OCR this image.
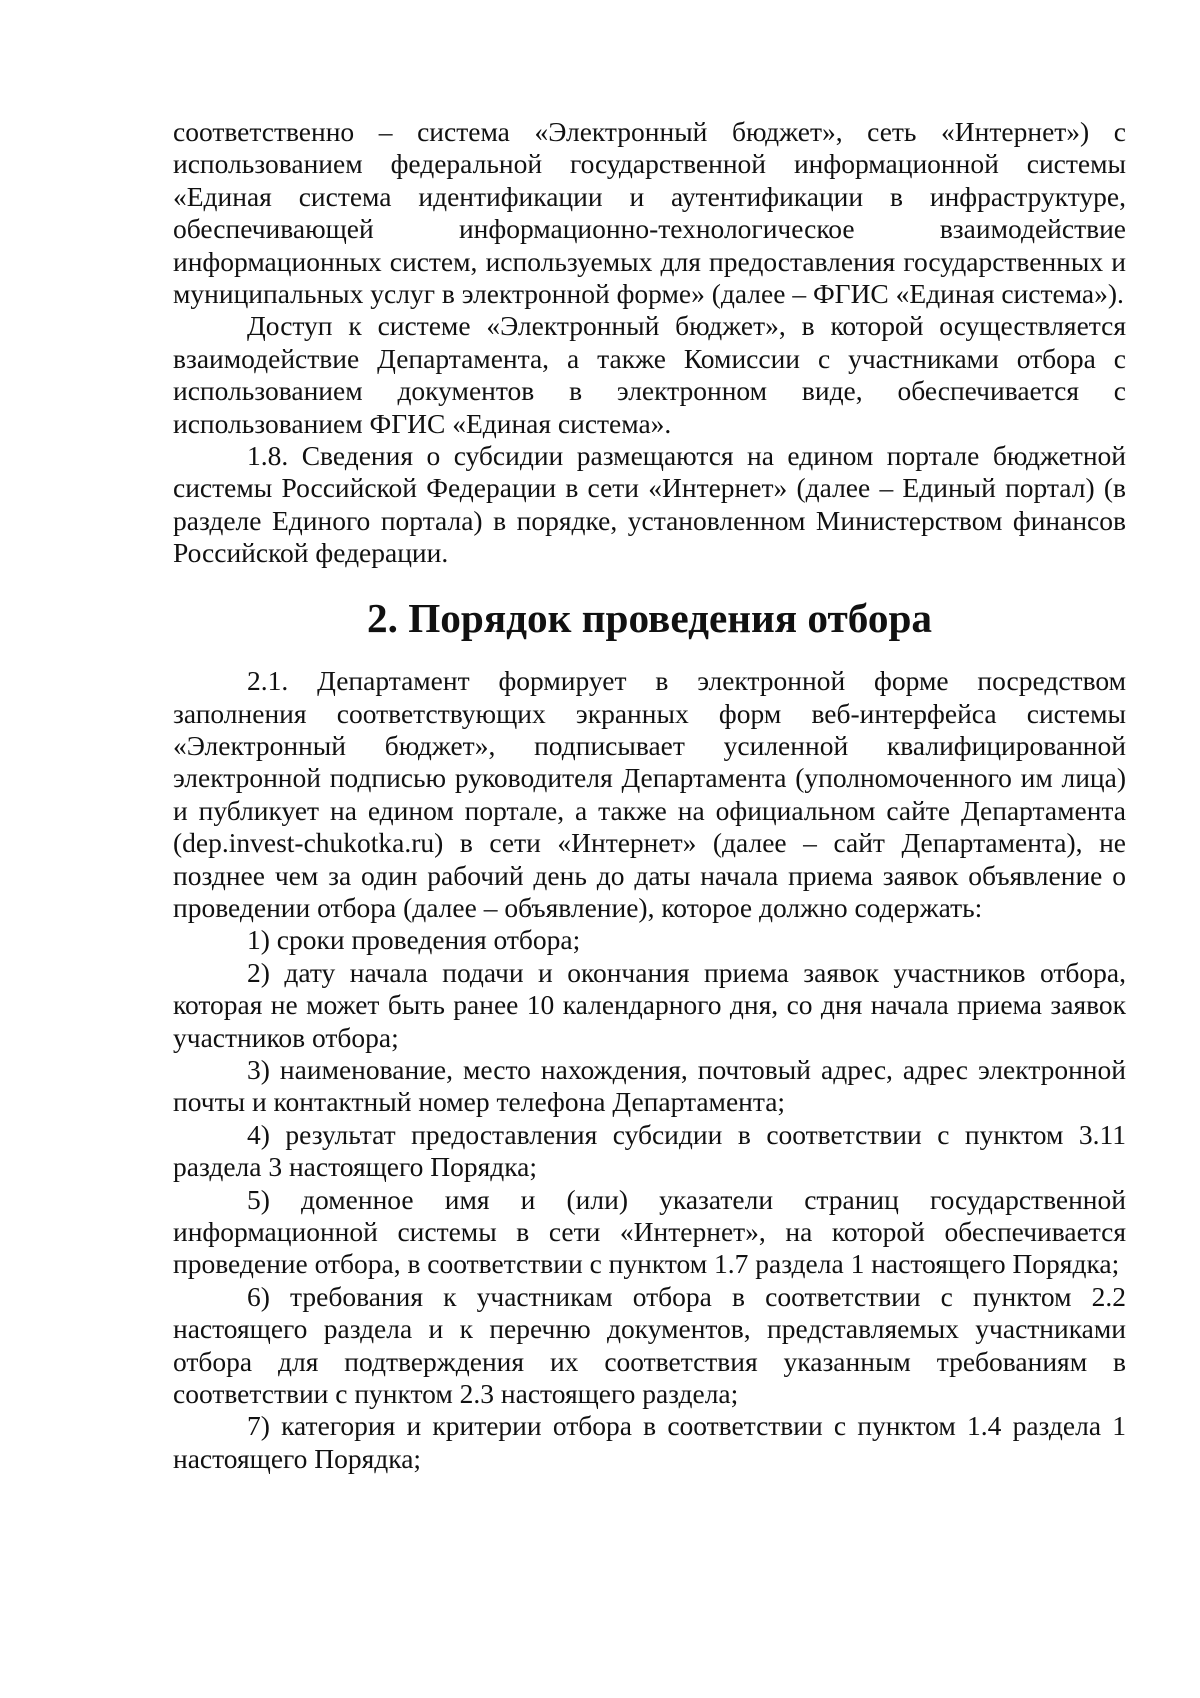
соответственно – система «Электронный бюджет», сеть «Интернет») с использованием федеральной государственной информационной системы «Единая система идентификации и аутентификации в инфраструктуре, обеспечивающей информационно-технологическое взаимодействие информационных систем, используемых для предоставления государственных и муниципальных услуг в электронной форме» (далее – ФГИС «Единая система»).

Доступ к системе «Электронный бюджет», в которой осуществляется взаимодействие Департамента, а также Комиссии с участниками отбора с использованием документов в электронном виде, обеспечивается с использованием ФГИС «Единая система».

1.8. Сведения о субсидии размещаются на едином портале бюджетной системы Российской Федерации в сети «Интернет» (далее – Единый портал) (в разделе Единого портала) в порядке, установленном Министерством финансов Российской федерации.

2. Порядок проведения отбора

2.1. Департамент формирует в электронной форме посредством заполнения соответствующих экранных форм веб-интерфейса системы «Электронный бюджет», подписывает усиленной квалифицированной электронной подписью руководителя Департамента (уполномоченного им лица) и публикует на едином портале, а также на официальном сайте Департамента (dep.invest-chukotka.ru) в сети «Интернет» (далее – сайт Департамента), не позднее чем за один рабочий день до даты начала приема заявок объявление о проведении отбора (далее – объявление), которое должно содержать:

1) сроки проведения отбора;

2) дату начала подачи и окончания приема заявок участников отбора, которая не может быть ранее 10 календарного дня, со дня начала приема заявок участников отбора;

3) наименование, место нахождения, почтовый адрес, адрес электронной почты и контактный номер телефона Департамента;

4) результат предоставления субсидии в соответствии с пунктом 3.11 раздела 3 настоящего Порядка;

5) доменное имя и (или) указатели страниц государственной информационной системы в сети «Интернет», на которой обеспечивается проведение отбора, в соответствии с пунктом 1.7 раздела 1 настоящего Порядка;

6) требования к участникам отбора в соответствии с пунктом 2.2 настоящего раздела и к перечню документов, представляемых участниками отбора для подтверждения их соответствия указанным требованиям в соответствии с пунктом 2.3 настоящего раздела;

7) категория и критерии отбора в соответствии с пунктом 1.4 раздела 1 настоящего Порядка;
